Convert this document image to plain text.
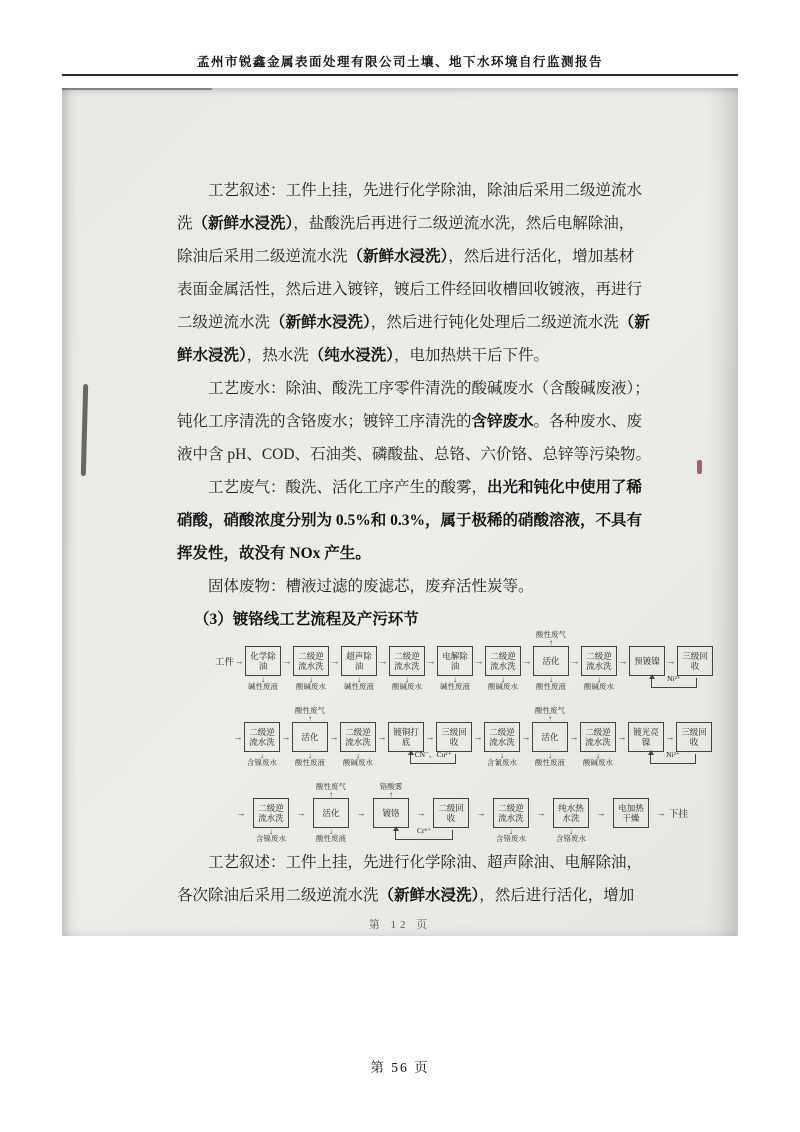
孟州市锐鑫金属表面处理有限公司土壤、地下水环境自行监测报告
工艺叙述：工件上挂，先进行化学除油，除油后采用二级逆流水
洗（新鲜水浸洗），盐酸洗后再进行二级逆流水洗，然后电解除油，
除油后采用二级逆流水洗（新鲜水浸洗），然后进行活化，增加基材
表面金属活性，然后进入镀锌，镀后工件经回收槽回收镀液，再进行
二级逆流水洗（新鲜水浸洗），然后进行钝化处理后二级逆流水洗（新
鲜水浸洗），热水洗（纯水浸洗），电加热烘干后下件。
工艺废水：除油、酸洗工序零件清洗的酸碱废水（含酸碱废液）；
钝化工序清洗的含铬废水；镀锌工序清洗的含锌废水。各种废水、废
液中含 pH、COD、石油类、磷酸盐、总铬、六价铬、总锌等污染物。
工艺废气：酸洗、活化工序产生的酸雾，出光和钝化中使用了稀
硝酸，硝酸浓度分别为 0.5%和 0.3%，属于极稀的硝酸溶液，不具有
挥发性，故没有 NOx 产生。
固体废物：槽液过滤的废滤芯，废弃活性炭等。
（3）镀铬线工艺流程及产污环节
工件 →
化学除油
↓
碱性废液
→
二级逆流水洗
↓
酸碱废水
→
超声除油
↓
碱性废液
→
二级逆流水洗
↓
酸碱废水
→
电解除油
↓
碱性废液
→
二级逆流水洗
↓
酸碱废水
→
酸性废气
↑
活化
↓
酸性废液
→
二级逆流水洗
↓
酸碱废水
→ 预镀镍 →
三级回收
Ni²⁺
→
二级逆流水洗
↓
含镍废水
→
酸性废气
↑
活化
↓
酸性废液
→
二级逆流水洗
↓
酸碱废水
→
镀铜打底	→
三级回收	→
二级逆流水洗
↓
含氰废水
→
酸性废气
↑
活化
↓
酸性废液
→
二级逆流水洗
↓
酸碱废水
→
镀光亮镍	→
三级回收
CN⁻、Cu²⁺	Ni²⁺
→
二级逆流水洗
↓
含镍废水
→
酸性废气
↑
活化
↓
酸性废液
→
铬酸雾
↑
镀铬	→
二级回收	→
二级逆流水洗
↓
含铬废水
→
纯水热水洗
↓
含铬废水
→
电加热干燥	→ 下挂
Cr⁶⁺
工艺叙述：工件上挂，先进行化学除油、超声除油、电解除油，
各次除油后采用二级逆流水洗（新鲜水浸洗），然后进行活化，增加
第 12 页
第 56 页
